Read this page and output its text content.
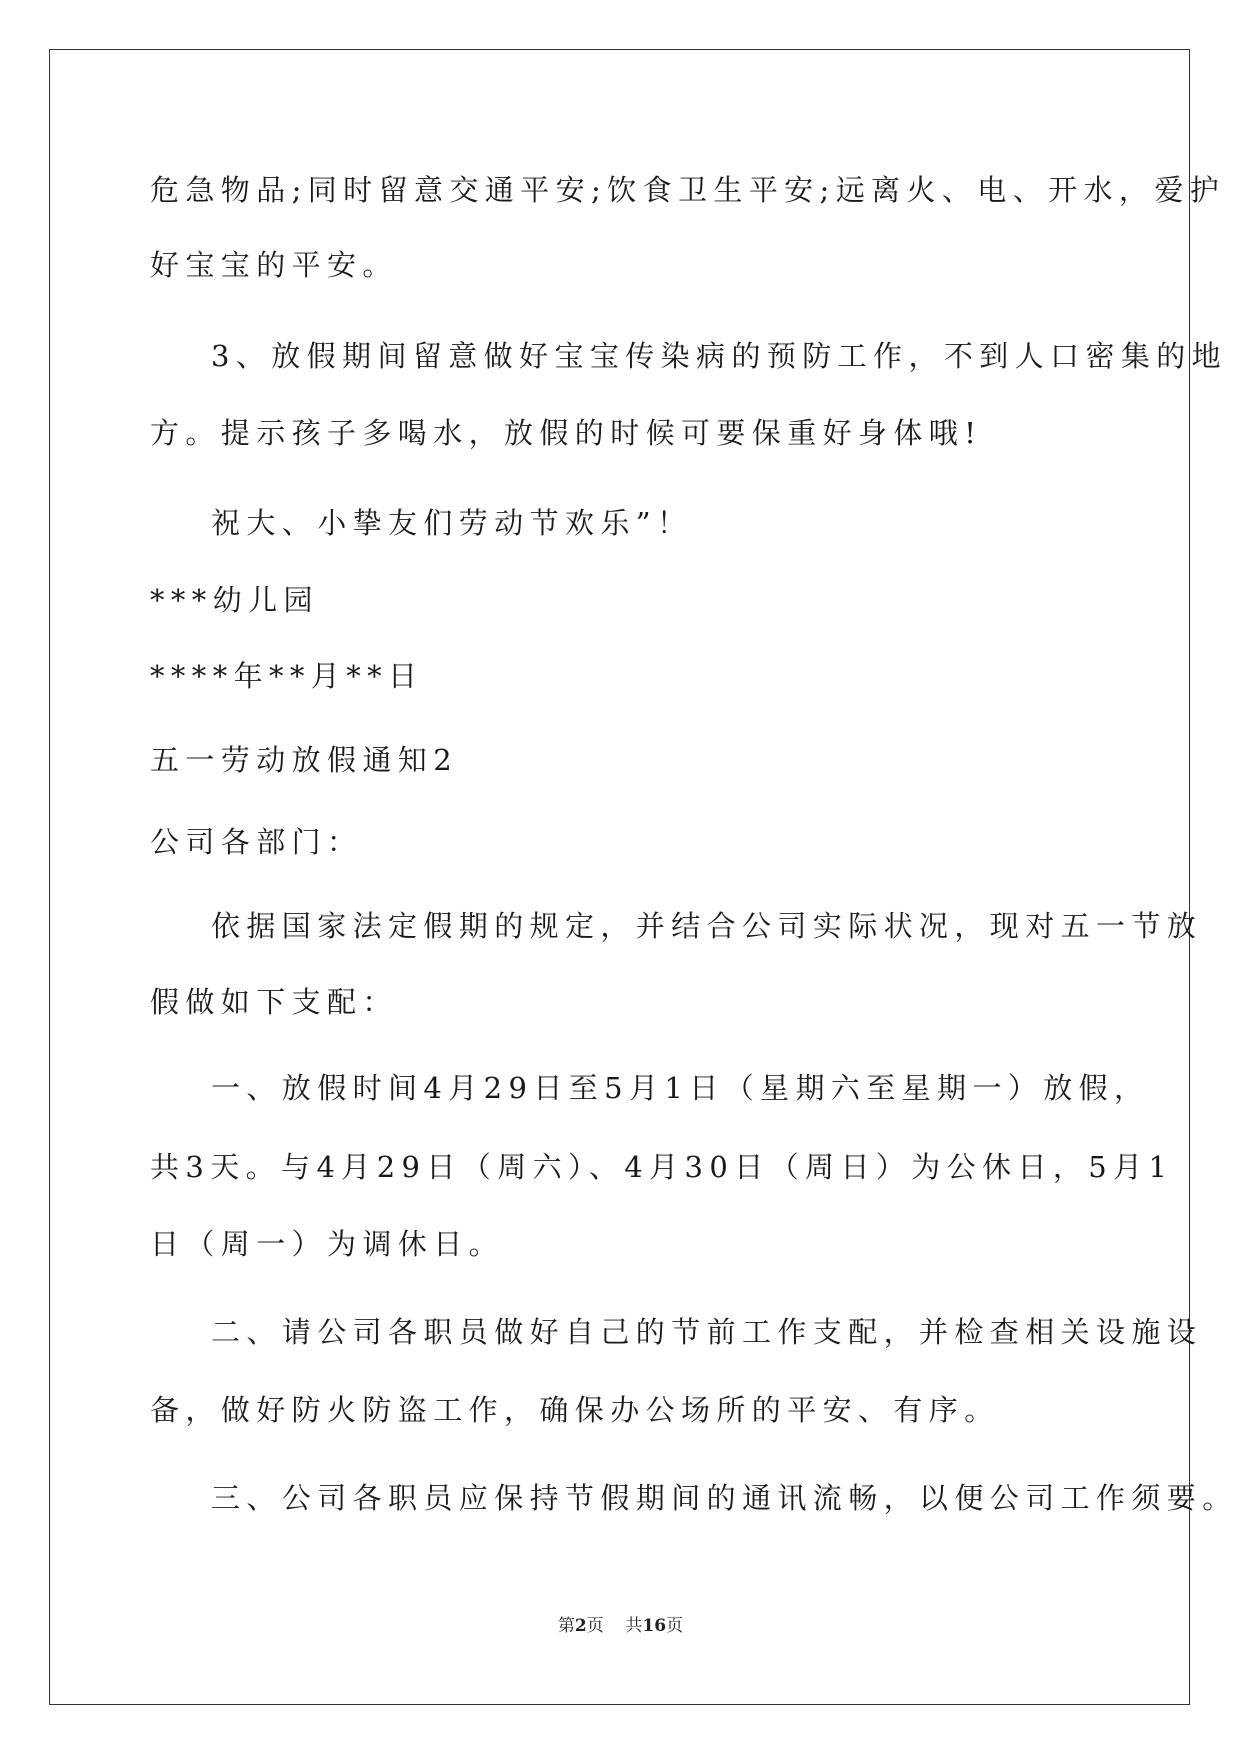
危急物品;同时留意交通平安;饮食卫生平安;远离火、电、开水，爱护
好宝宝的平安。
3、放假期间留意做好宝宝传染病的预防工作，不到人口密集的地
方。提示孩子多喝水，放假的时候可要保重好身体哦!
祝大、小挚友们劳动节欢乐”！
***幼儿园
****年**月**日
五一劳动放假通知2
公司各部门：
依据国家法定假期的规定，并结合公司实际状况，现对五一节放
假做如下支配：
一、放假时间4月29日至5月1日（星期六至星期一）放假，
共3天。与4月29日（周六）、4月30日（周日）为公休日，5月1
日（周一）为调休日。
二、请公司各职员做好自己的节前工作支配，并检查相关设施设
备，做好防火防盗工作，确保办公场所的平安、有序。
三、公司各职员应保持节假期间的通讯流畅，以便公司工作须要。
第2页 共16页
